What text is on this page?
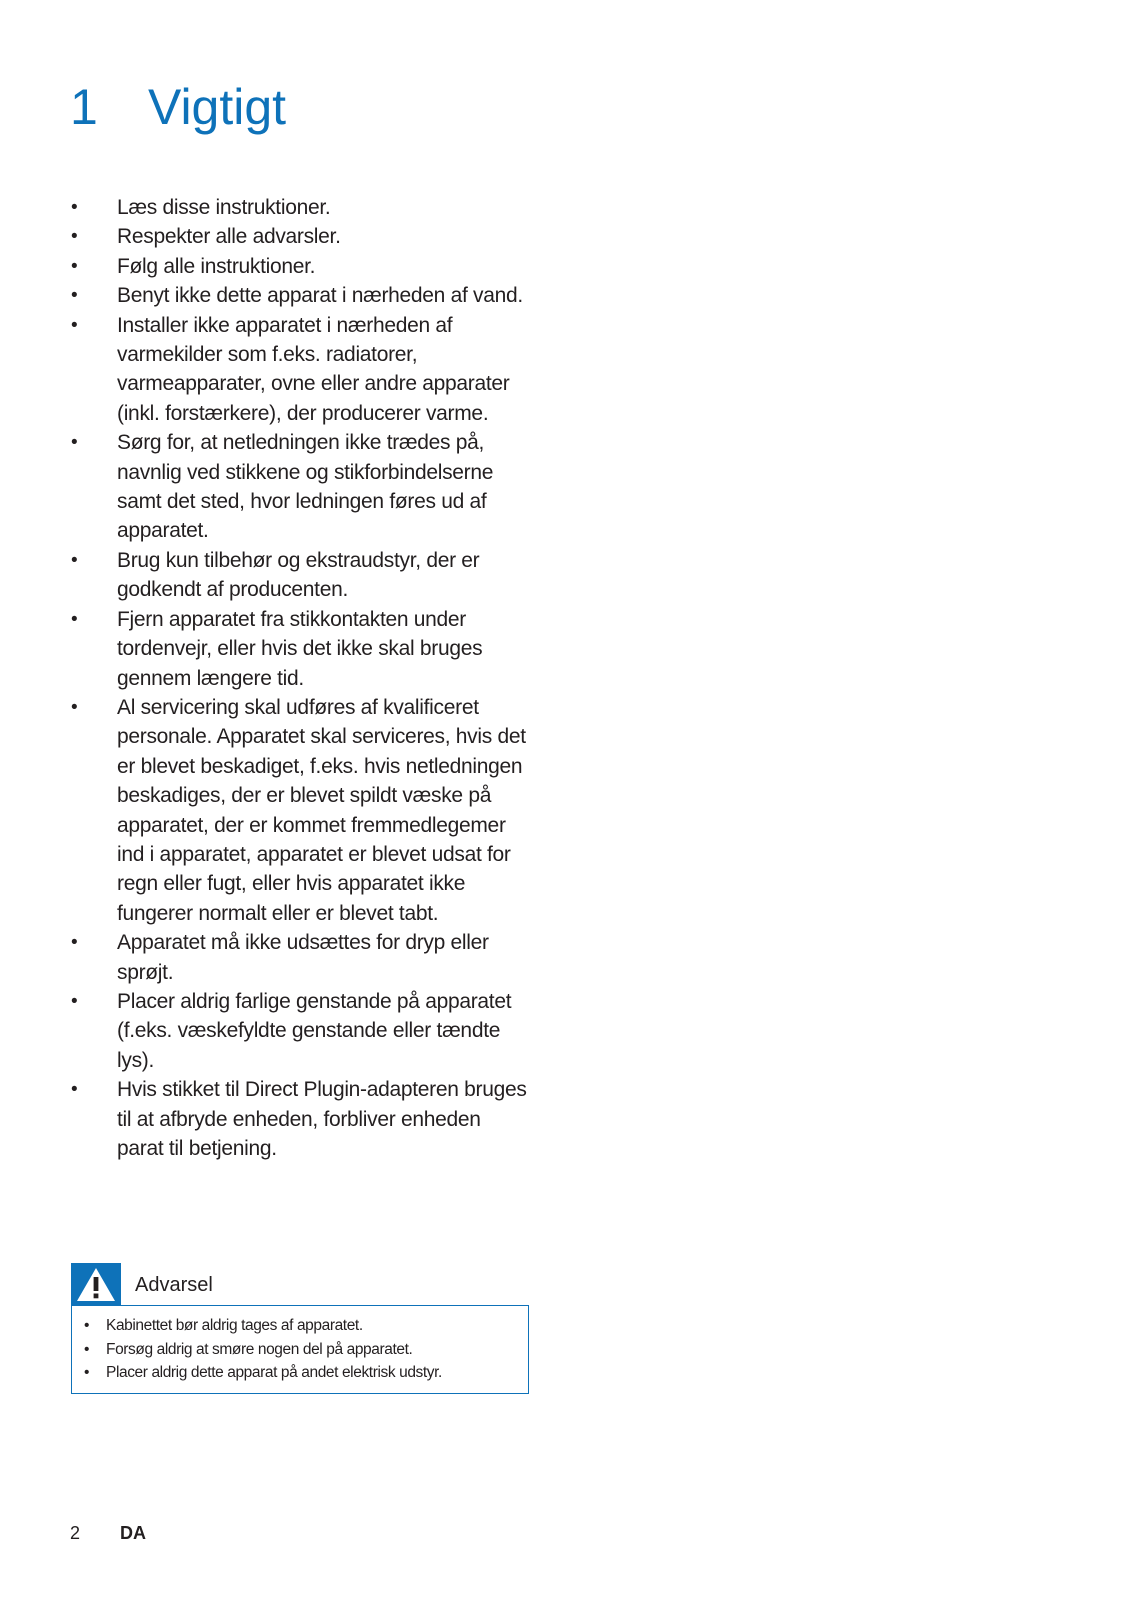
1 Vigtigt
• Læs disse instruktioner.
• Respekter alle advarsler.
• Følg alle instruktioner.
• Benyt ikke dette apparat i nærheden af vand.
• Installer ikke apparatet i nærheden af varmekilder som f.eks. radiatorer, varmeapparater, ovne eller andre apparater (inkl. forstærkere), der producerer varme.
• Sørg for, at netledningen ikke trædes på, navnlig ved stikkene og stikforbindelserne samt det sted, hvor ledningen føres ud af apparatet.
• Brug kun tilbehør og ekstraudstyr, der er godkendt af producenten.
• Fjern apparatet fra stikkontakten under tordenvejr, eller hvis det ikke skal bruges gennem længere tid.
• Al servicering skal udføres af kvalificeret personale. Apparatet skal serviceres, hvis det er blevet beskadiget, f.eks. hvis netledningen beskadiges, der er blevet spildt væske på apparatet, der er kommet fremmedlegemer ind i apparatet, apparatet er blevet udsat for regn eller fugt, eller hvis apparatet ikke fungerer normalt eller er blevet tabt.
• Apparatet må ikke udsættes for dryp eller sprøjt.
• Placer aldrig farlige genstande på apparatet (f.eks. væskefyldte genstande eller tændte lys).
• Hvis stikket til Direct Plugin-adapteren bruges til at afbryde enheden, forbliver enheden parat til betjening.
Advarsel
• Kabinettet bør aldrig tages af apparatet.
• Forsøg aldrig at smøre nogen del på apparatet.
• Placer aldrig dette apparat på andet elektrisk udstyr.
2 DA
